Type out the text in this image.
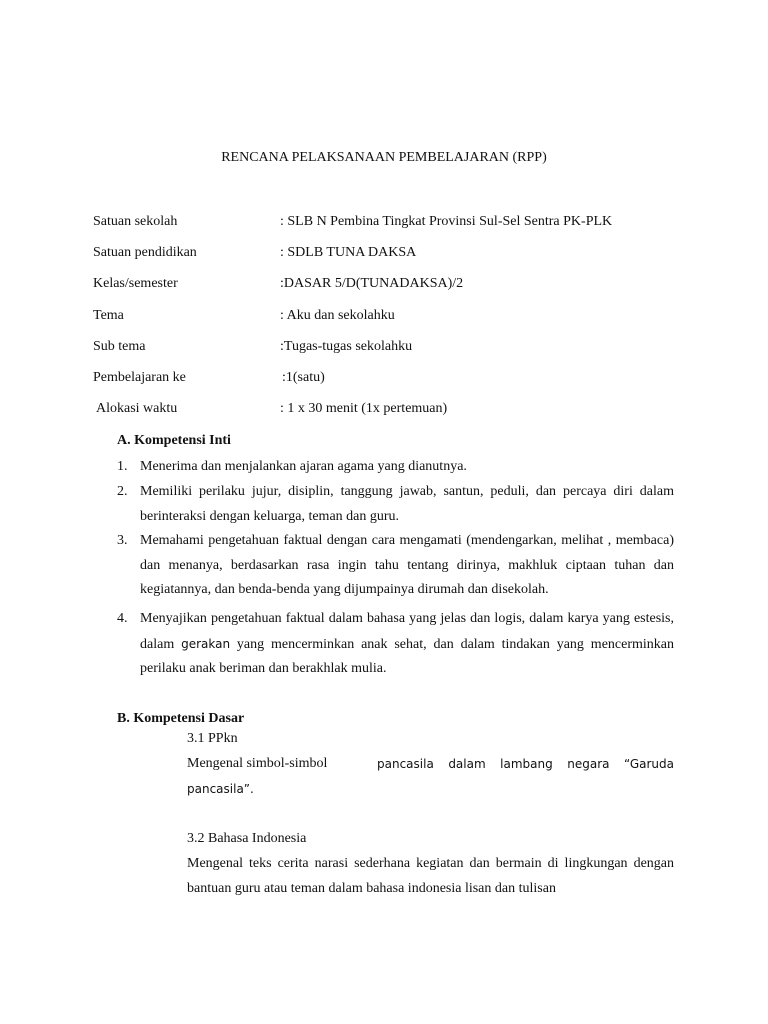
RENCANA PELAKSANAAN PEMBELAJARAN (RPP)
Satuan sekolah	: SLB N Pembina Tingkat Provinsi Sul-Sel Sentra PK-PLK
Satuan pendidikan	: SDLB TUNA DAKSA
Kelas/semester	:DASAR 5/D(TUNADAKSA)/2
Tema	: Aku dan sekolahku
Sub tema	:Tugas-tugas sekolahku
Pembelajaran ke	:1(satu)
Alokasi waktu	: 1 x 30 menit (1x pertemuan)
A. Kompetensi Inti
1. Menerima dan menjalankan ajaran agama yang dianutnya.
2. Memiliki perilaku jujur, disiplin, tanggung jawab, santun, peduli, dan percaya diri dalam berinteraksi dengan keluarga, teman dan guru.
3. Memahami pengetahuan faktual dengan cara mengamati (mendengarkan, melihat , membaca) dan menanya, berdasarkan rasa ingin tahu tentang dirinya, makhluk ciptaan tuhan dan kegiatannya, dan benda-benda yang dijumpainya dirumah dan disekolah.
4. Menyajikan pengetahuan faktual dalam bahasa yang jelas dan logis, dalam karya yang estesis, dalam gerakan yang mencerminkan anak sehat, dan dalam tindakan yang mencerminkan perilaku anak beriman dan berakhlak mulia.
B. Kompetensi Dasar
3.1 PPkn
Mengenal simbol-simbol	pancasila dalam lambang negara “Garuda
pancasila”.
3.2 Bahasa Indonesia
Mengenal teks cerita narasi sederhana kegiatan dan bermain di lingkungan dengan bantuan guru atau teman dalam bahasa indonesia lisan dan tulisan
